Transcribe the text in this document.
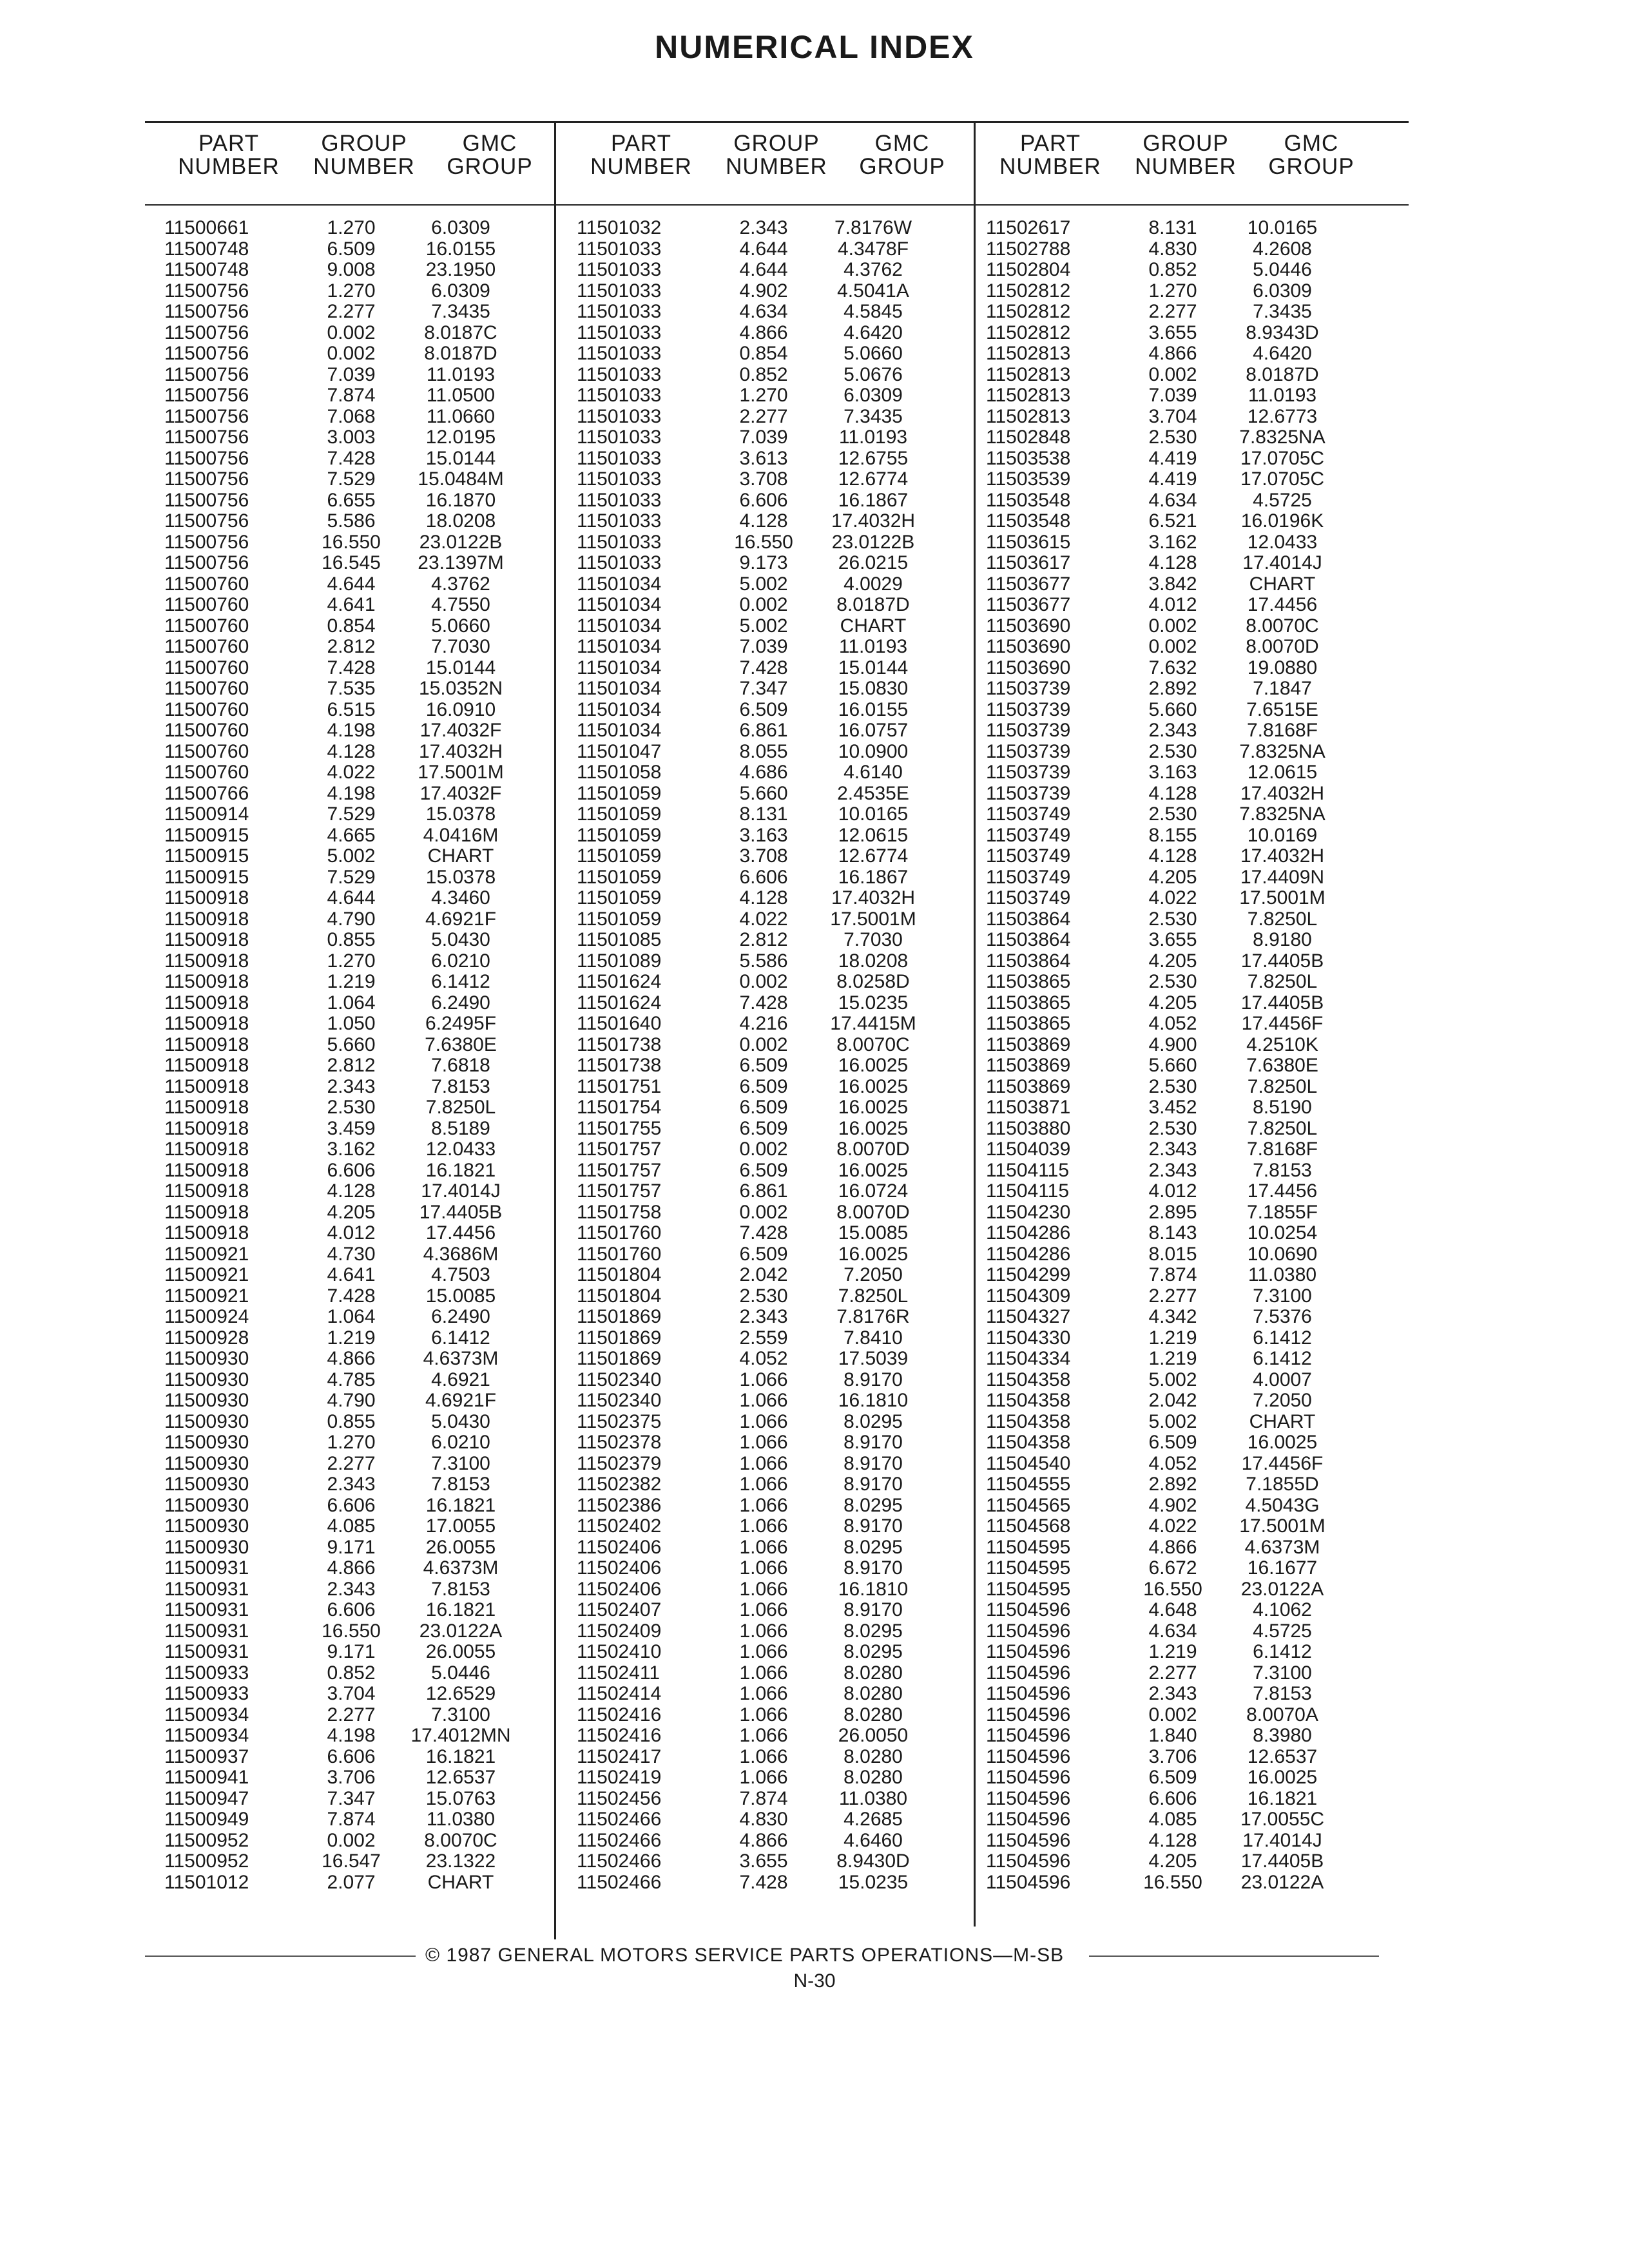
NUMERICAL INDEX
PART
NUMBER
GROUP
NUMBER
GMC
GROUP
11500661	1.270	6.0309
11500748	6.509	16.0155
11500748	9.008	23.1950
11500756	1.270	6.0309
11500756	2.277	7.3435
11500756	0.002	8.0187C
11500756	0.002	8.0187D
11500756	7.039	11.0193
11500756	7.874	11.0500
11500756	7.068	11.0660
11500756	3.003	12.0195
11500756	7.428	15.0144
11500756	7.529	15.0484M
11500756	6.655	16.1870
11500756	5.586	18.0208
11500756	16.550	23.0122B
11500756	16.545	23.1397M
11500760	4.644	4.3762
11500760	4.641	4.7550
11500760	0.854	5.0660
11500760	2.812	7.7030
11500760	7.428	15.0144
11500760	7.535	15.0352N
11500760	6.515	16.0910
11500760	4.198	17.4032F
11500760	4.128	17.4032H
11500760	4.022	17.5001M
11500766	4.198	17.4032F
11500914	7.529	15.0378
11500915	4.665	4.0416M
11500915	5.002	CHART
11500915	7.529	15.0378
11500918	4.644	4.3460
11500918	4.790	4.6921F
11500918	0.855	5.0430
11500918	1.270	6.0210
11500918	1.219	6.1412
11500918	1.064	6.2490
11500918	1.050	6.2495F
11500918	5.660	7.6380E
11500918	2.812	7.6818
11500918	2.343	7.8153
11500918	2.530	7.8250L
11500918	3.459	8.5189
11500918	3.162	12.0433
11500918	6.606	16.1821
11500918	4.128	17.4014J
11500918	4.205	17.4405B
11500918	4.012	17.4456
11500921	4.730	4.3686M
11500921	4.641	4.7503
11500921	7.428	15.0085
11500924	1.064	6.2490
11500928	1.219	6.1412
11500930	4.866	4.6373M
11500930	4.785	4.6921
11500930	4.790	4.6921F
11500930	0.855	5.0430
11500930	1.270	6.0210
11500930	2.277	7.3100
11500930	2.343	7.8153
11500930	6.606	16.1821
11500930	4.085	17.0055
11500930	9.171	26.0055
11500931	4.866	4.6373M
11500931	2.343	7.8153
11500931	6.606	16.1821
11500931	16.550	23.0122A
11500931	9.171	26.0055
11500933	0.852	5.0446
11500933	3.704	12.6529
11500934	2.277	7.3100
11500934	4.198	17.4012MN
11500937	6.606	16.1821
11500941	3.706	12.6537
11500947	7.347	15.0763
11500949	7.874	11.0380
11500952	0.002	8.0070C
11500952	16.547	23.1322
11501012	2.077	CHART
PART
NUMBER
GROUP
NUMBER
GMC
GROUP
11501032	2.343	7.8176W
11501033	4.644	4.3478F
11501033	4.644	4.3762
11501033	4.902	4.5041A
11501033	4.634	4.5845
11501033	4.866	4.6420
11501033	0.854	5.0660
11501033	0.852	5.0676
11501033	1.270	6.0309
11501033	2.277	7.3435
11501033	7.039	11.0193
11501033	3.613	12.6755
11501033	3.708	12.6774
11501033	6.606	16.1867
11501033	4.128	17.4032H
11501033	16.550	23.0122B
11501033	9.173	26.0215
11501034	5.002	4.0029
11501034	0.002	8.0187D
11501034	5.002	CHART
11501034	7.039	11.0193
11501034	7.428	15.0144
11501034	7.347	15.0830
11501034	6.509	16.0155
11501034	6.861	16.0757
11501047	8.055	10.0900
11501058	4.686	4.6140
11501059	5.660	2.4535E
11501059	8.131	10.0165
11501059	3.163	12.0615
11501059	3.708	12.6774
11501059	6.606	16.1867
11501059	4.128	17.4032H
11501059	4.022	17.5001M
11501085	2.812	7.7030
11501089	5.586	18.0208
11501624	0.002	8.0258D
11501624	7.428	15.0235
11501640	4.216	17.4415M
11501738	0.002	8.0070C
11501738	6.509	16.0025
11501751	6.509	16.0025
11501754	6.509	16.0025
11501755	6.509	16.0025
11501757	0.002	8.0070D
11501757	6.509	16.0025
11501757	6.861	16.0724
11501758	0.002	8.0070D
11501760	7.428	15.0085
11501760	6.509	16.0025
11501804	2.042	7.2050
11501804	2.530	7.8250L
11501869	2.343	7.8176R
11501869	2.559	7.8410
11501869	4.052	17.5039
11502340	1.066	8.9170
11502340	1.066	16.1810
11502375	1.066	8.0295
11502378	1.066	8.9170
11502379	1.066	8.9170
11502382	1.066	8.9170
11502386	1.066	8.0295
11502402	1.066	8.9170
11502406	1.066	8.0295
11502406	1.066	8.9170
11502406	1.066	16.1810
11502407	1.066	8.9170
11502409	1.066	8.0295
11502410	1.066	8.0295
11502411	1.066	8.0280
11502414	1.066	8.0280
11502416	1.066	8.0280
11502416	1.066	26.0050
11502417	1.066	8.0280
11502419	1.066	8.0280
11502456	7.874	11.0380
11502466	4.830	4.2685
11502466	4.866	4.6460
11502466	3.655	8.9430D
11502466	7.428	15.0235
PART
NUMBER
GROUP
NUMBER
GMC
GROUP
11502617	8.131	10.0165
11502788	4.830	4.2608
11502804	0.852	5.0446
11502812	1.270	6.0309
11502812	2.277	7.3435
11502812	3.655	8.9343D
11502813	4.866	4.6420
11502813	0.002	8.0187D
11502813	7.039	11.0193
11502813	3.704	12.6773
11502848	2.530	7.8325NA
11503538	4.419	17.0705C
11503539	4.419	17.0705C
11503548	4.634	4.5725
11503548	6.521	16.0196K
11503615	3.162	12.0433
11503617	4.128	17.4014J
11503677	3.842	CHART
11503677	4.012	17.4456
11503690	0.002	8.0070C
11503690	0.002	8.0070D
11503690	7.632	19.0880
11503739	2.892	7.1847
11503739	5.660	7.6515E
11503739	2.343	7.8168F
11503739	2.530	7.8325NA
11503739	3.163	12.0615
11503739	4.128	17.4032H
11503749	2.530	7.8325NA
11503749	8.155	10.0169
11503749	4.128	17.4032H
11503749	4.205	17.4409N
11503749	4.022	17.5001M
11503864	2.530	7.8250L
11503864	3.655	8.9180
11503864	4.205	17.4405B
11503865	2.530	7.8250L
11503865	4.205	17.4405B
11503865	4.052	17.4456F
11503869	4.900	4.2510K
11503869	5.660	7.6380E
11503869	2.530	7.8250L
11503871	3.452	8.5190
11503880	2.530	7.8250L
11504039	2.343	7.8168F
11504115	2.343	7.8153
11504115	4.012	17.4456
11504230	2.895	7.1855F
11504286	8.143	10.0254
11504286	8.015	10.0690
11504299	7.874	11.0380
11504309	2.277	7.3100
11504327	4.342	7.5376
11504330	1.219	6.1412
11504334	1.219	6.1412
11504358	5.002	4.0007
11504358	2.042	7.2050
11504358	5.002	CHART
11504358	6.509	16.0025
11504540	4.052	17.4456F
11504555	2.892	7.1855D
11504565	4.902	4.5043G
11504568	4.022	17.5001M
11504595	4.866	4.6373M
11504595	6.672	16.1677
11504595	16.550	23.0122A
11504596	4.648	4.1062
11504596	4.634	4.5725
11504596	1.219	6.1412
11504596	2.277	7.3100
11504596	2.343	7.8153
11504596	0.002	8.0070A
11504596	1.840	8.3980
11504596	3.706	12.6537
11504596	6.509	16.0025
11504596	6.606	16.1821
11504596	4.085	17.0055C
11504596	4.128	17.4014J
11504596	4.205	17.4405B
11504596	16.550	23.0122A
© 1987 GENERAL MOTORS SERVICE PARTS OPERATIONS—M-SB
N-30
